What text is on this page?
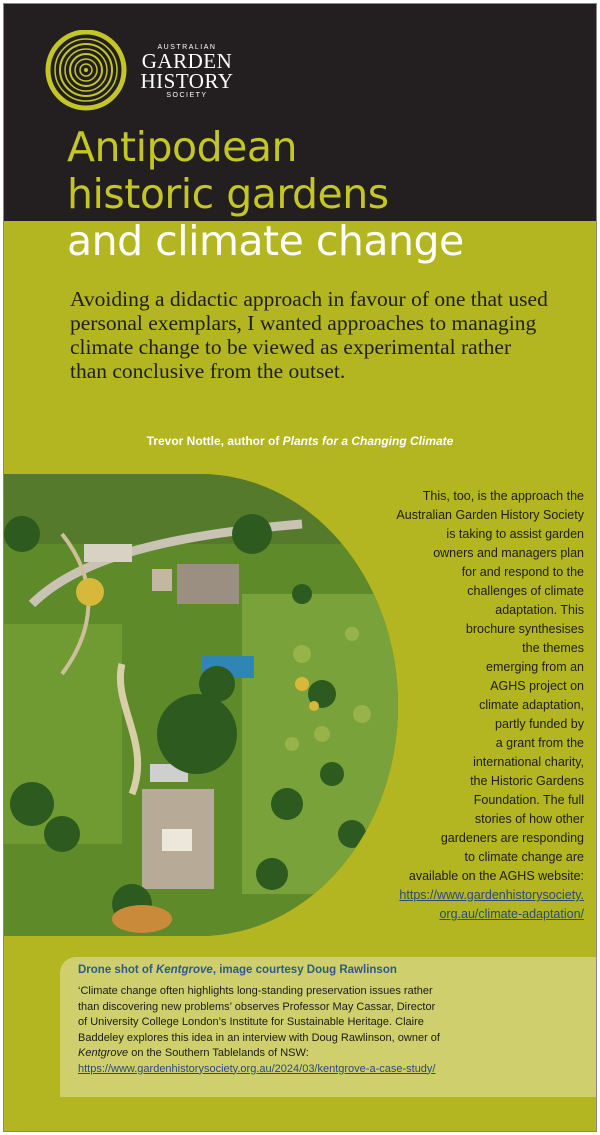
AUSTRALIAN
GARDEN
HISTORY
SOCIETY
Antipodean
historic gardens
and climate change

Avoiding a didactic approach in favour of one that used personal exemplars, I wanted approaches to managing climate change to be viewed as experimental rather than conclusive from the outset.

Trevor Nottle, author of Plants for a Changing Climate
This, too, is the approach the
Australian Garden History Society
is taking to assist garden
owners and managers plan
for and respond to the
challenges of climate
adaptation. This
brochure synthesises
the themes
emerging from an
AGHS project on
climate adaptation,
partly funded by
a grant from the
international charity,
the Historic Gardens
Foundation. The full
stories of how other
gardeners are responding
to climate change are
available on the AGHS website:
https://www.gardenhistorysociety.
org.au/climate-adaptation/
Drone shot of Kentgrove, image courtesy Doug Rawlinson
‘Climate change often highlights long-standing preservation issues rather
than discovering new problems’ observes Professor May Cassar, Director
of University College London’s Institute for Sustainable Heritage. Claire
Baddeley explores this idea in an interview with Doug Rawlinson, owner of
Kentgrove on the Southern Tablelands of NSW:
https://www.gardenhistorysociety.org.au/2024/03/kentgrove-a-case-study/
